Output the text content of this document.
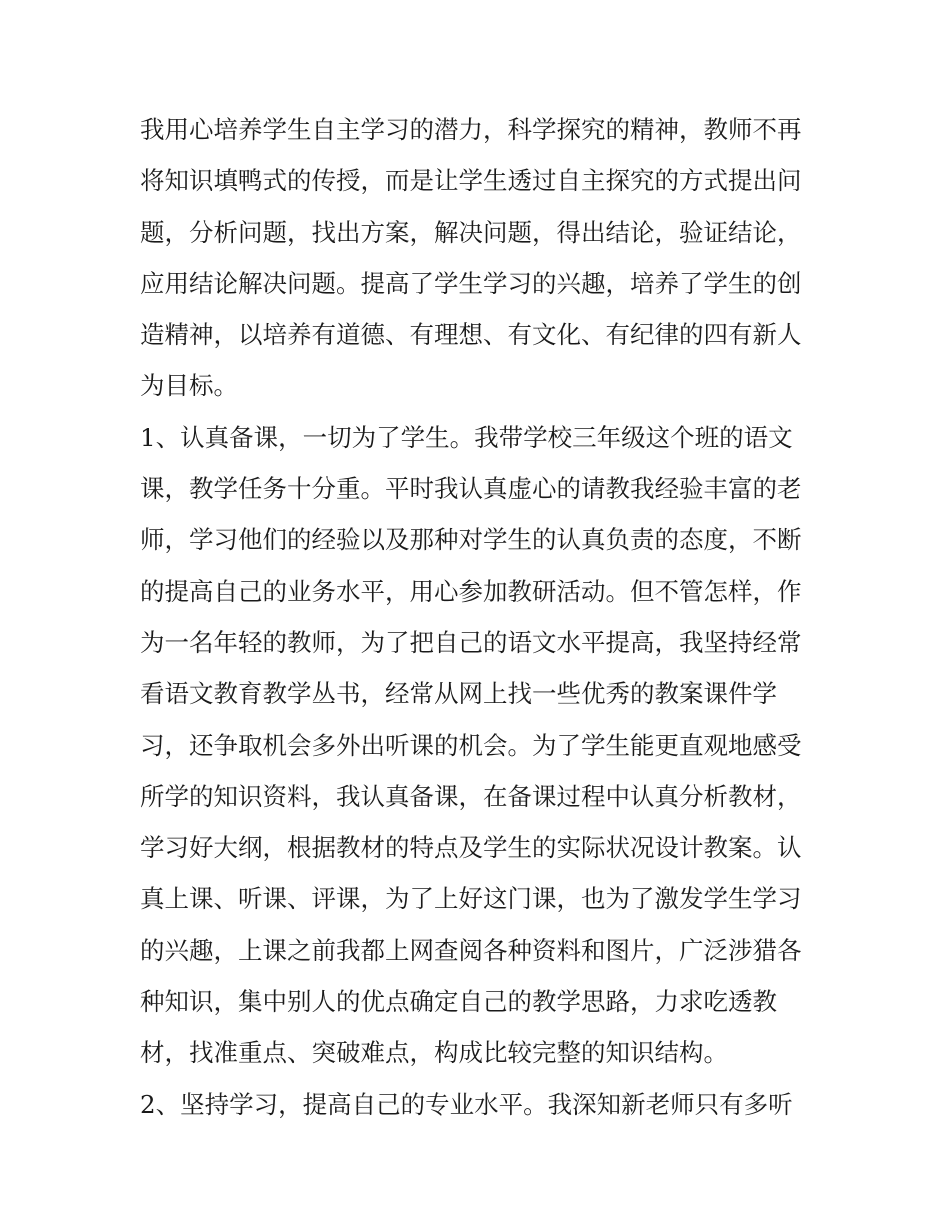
我用心培养学生自主学习的潜力，科学探究的精神，教师不再
将知识填鸭式的传授，而是让学生透过自主探究的方式提出问
题，分析问题，找出方案，解决问题，得出结论，验证结论，
应用结论解决问题。提高了学生学习的兴趣，培养了学生的创
造精神，以培养有道德、有理想、有文化、有纪律的四有新人
为目标。
1、认真备课，一切为了学生。我带学校三年级这个班的语文
课，教学任务十分重。平时我认真虚心的请教我经验丰富的老
师，学习他们的经验以及那种对学生的认真负责的态度，不断
的提高自己的业务水平，用心参加教研活动。但不管怎样，作
为一名年轻的教师，为了把自己的语文水平提高，我坚持经常
看语文教育教学丛书，经常从网上找一些优秀的教案课件学
习，还争取机会多外出听课的机会。为了学生能更直观地感受
所学的知识资料，我认真备课，在备课过程中认真分析教材，
学习好大纲，根据教材的特点及学生的实际状况设计教案。认
真上课、听课、评课，为了上好这门课，也为了激发学生学习
的兴趣，上课之前我都上网查阅各种资料和图片，广泛涉猎各
种知识，集中别人的优点确定自己的教学思路，力求吃透教
材，找准重点、突破难点，构成比较完整的知识结构。
2、坚持学习，提高自己的专业水平。我深知新老师只有多听
